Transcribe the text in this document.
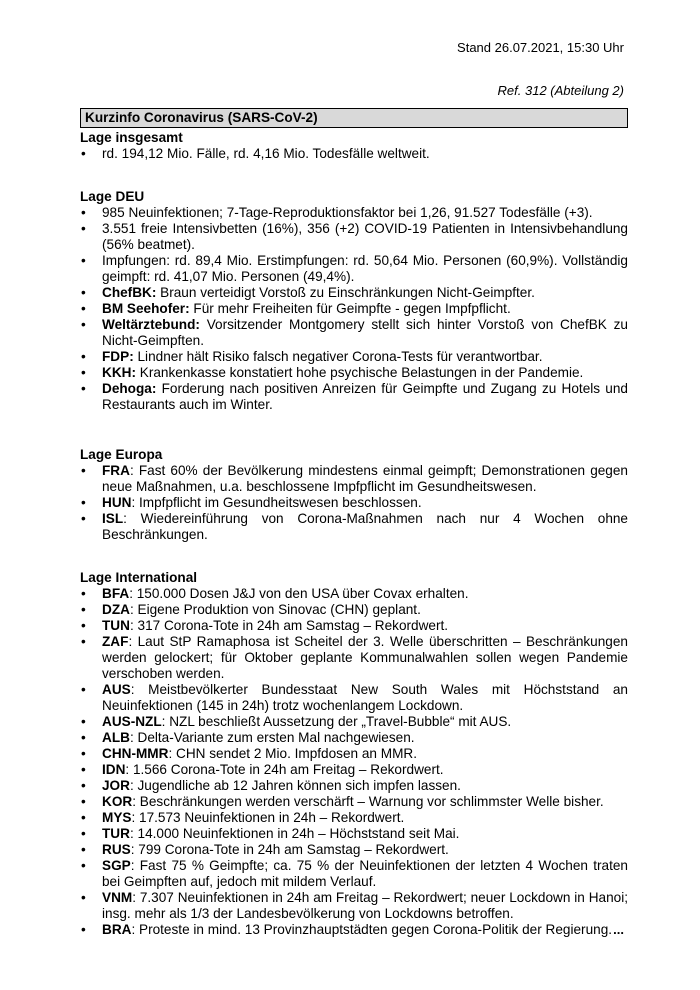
Stand 26.07.2021, 15:30 Uhr
Ref. 312 (Abteilung 2)
Kurzinfo Coronavirus (SARS-CoV-2)
Lage insgesamt
• rd. 194,12 Mio. Fälle, rd. 4,16 Mio. Todesfälle weltweit.
Lage DEU
• 985 Neuinfektionen; 7-Tage-Reproduktionsfaktor bei 1,26, 91.527 Todesfälle (+3).
• 3.551 freie Intensivbetten (16%), 356 (+2) COVID-19 Patienten in Intensivbehandlung (56% beatmet).
• Impfungen: rd. 89,4 Mio. Erstimpfungen: rd. 50,64 Mio. Personen (60,9%). Vollständig geimpft: rd. 41,07 Mio. Personen (49,4%).
• ChefBK: Braun verteidigt Vorstoß zu Einschränkungen Nicht-Geimpfter.
• BM Seehofer: Für mehr Freiheiten für Geimpfte - gegen Impfpflicht.
• Weltärztebund: Vorsitzender Montgomery stellt sich hinter Vorstoß von ChefBK zu Nicht-Geimpften.
• FDP: Lindner hält Risiko falsch negativer Corona-Tests für verantwortbar.
• KKH: Krankenkasse konstatiert hohe psychische Belastungen in der Pandemie.
• Dehoga: Forderung nach positiven Anreizen für Geimpfte und Zugang zu Hotels und Restaurants auch im Winter.
Lage Europa
• FRA: Fast 60% der Bevölkerung mindestens einmal geimpft; Demonstrationen gegen neue Maßnahmen, u.a. beschlossene Impfpflicht im Gesundheitswesen.
• HUN: Impfpflicht im Gesundheitswesen beschlossen.
• ISL: Wiedereinführung von Corona-Maßnahmen nach nur 4 Wochen ohne Beschränkungen.
Lage International
• BFA: 150.000 Dosen J&J von den USA über Covax erhalten.
• DZA: Eigene Produktion von Sinovac (CHN) geplant.
• TUN: 317 Corona-Tote in 24h am Samstag – Rekordwert.
• ZAF: Laut StP Ramaphosa ist Scheitel der 3. Welle überschritten – Beschränkungen werden gelockert; für Oktober geplante Kommunalwahlen sollen wegen Pandemie verschoben werden.
• AUS: Meistbevölkerter Bundesstaat New South Wales mit Höchststand an Neuinfektionen (145 in 24h) trotz wochenlangem Lockdown.
• AUS-NZL: NZL beschließt Aussetzung der „Travel-Bubble“ mit AUS.
• ALB: Delta-Variante zum ersten Mal nachgewiesen.
• CHN-MMR: CHN sendet 2 Mio. Impfdosen an MMR.
• IDN: 1.566 Corona-Tote in 24h am Freitag – Rekordwert.
• JOR: Jugendliche ab 12 Jahren können sich impfen lassen.
• KOR: Beschränkungen werden verschärft – Warnung vor schlimmster Welle bisher.
• MYS: 17.573 Neuinfektionen in 24h – Rekordwert.
• TUR: 14.000 Neuinfektionen in 24h – Höchststand seit Mai.
• RUS: 799 Corona-Tote in 24h am Samstag – Rekordwert.
• SGP: Fast 75 % Geimpfte; ca. 75 % der Neuinfektionen der letzten 4 Wochen traten bei Geimpften auf, jedoch mit mildem Verlauf.
• VNM: 7.307 Neuinfektionen in 24h am Freitag – Rekordwert; neuer Lockdown in Hanoi; insg. mehr als 1/3 der Landesbevölkerung von Lockdowns betroffen.
• BRA: Proteste in mind. 13 Provinzhauptstädten gegen Corona-Politik der Regierung. ...
